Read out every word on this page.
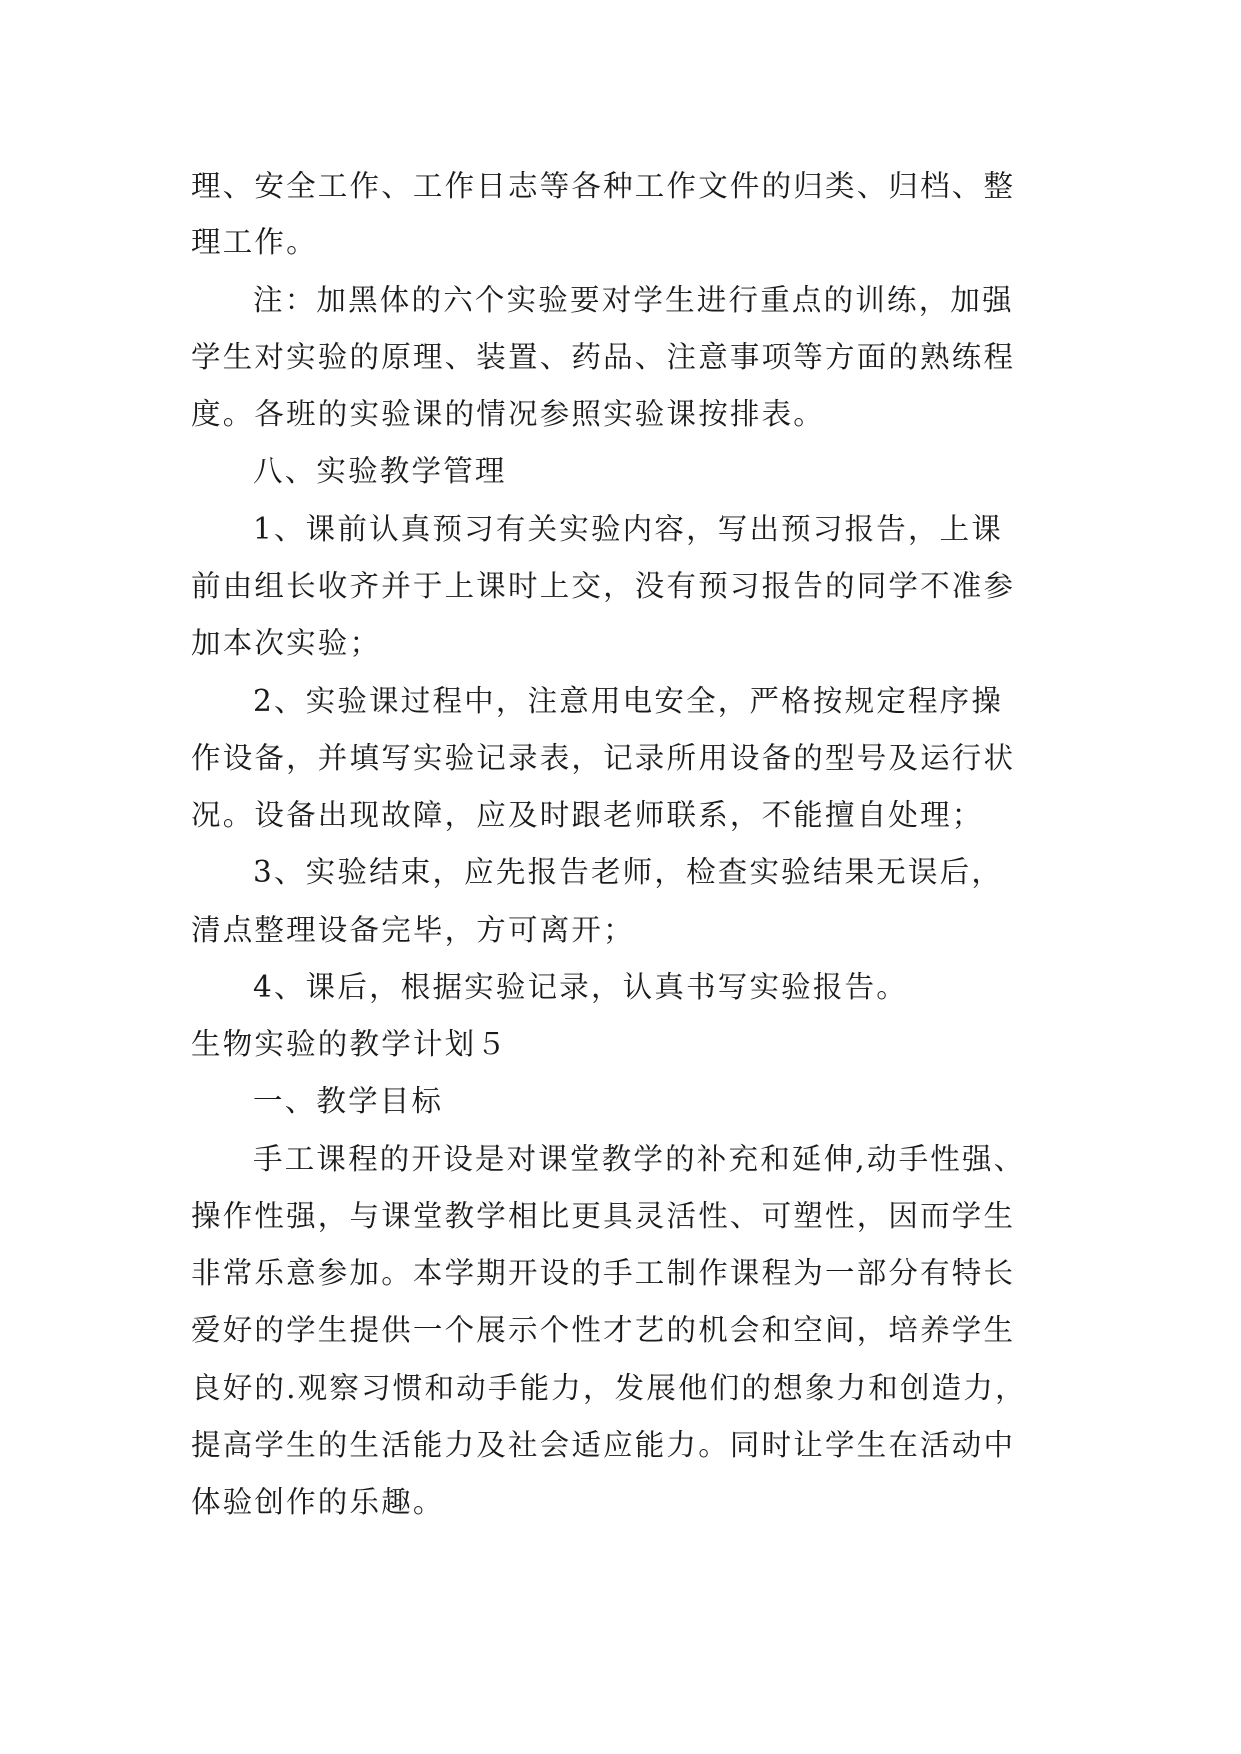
理、安全工作、工作日志等各种工作文件的归类、归档、整
理工作。
注：加黑体的六个实验要对学生进行重点的训练，加强
学生对实验的原理、装置、药品、注意事项等方面的熟练程
度。各班的实验课的情况参照实验课按排表。
八、实验教学管理
1、课前认真预习有关实验内容，写出预习报告，上课
前由组长收齐并于上课时上交，没有预习报告的同学不准参
加本次实验；
2、实验课过程中，注意用电安全，严格按规定程序操
作设备，并填写实验记录表，记录所用设备的型号及运行状
况。设备出现故障，应及时跟老师联系，不能擅自处理；
3、实验结束，应先报告老师，检查实验结果无误后，
清点整理设备完毕，方可离开；
4、课后，根据实验记录，认真书写实验报告。
生物实验的教学计划５
一、教学目标
手工课程的开设是对课堂教学的补充和延伸,动手性强、
操作性强，与课堂教学相比更具灵活性、可塑性，因而学生
非常乐意参加。本学期开设的手工制作课程为一部分有特长
爱好的学生提供一个展示个性才艺的机会和空间，培养学生
良好的.观察习惯和动手能力，发展他们的想象力和创造力，
提高学生的生活能力及社会适应能力。同时让学生在活动中
体验创作的乐趣。
